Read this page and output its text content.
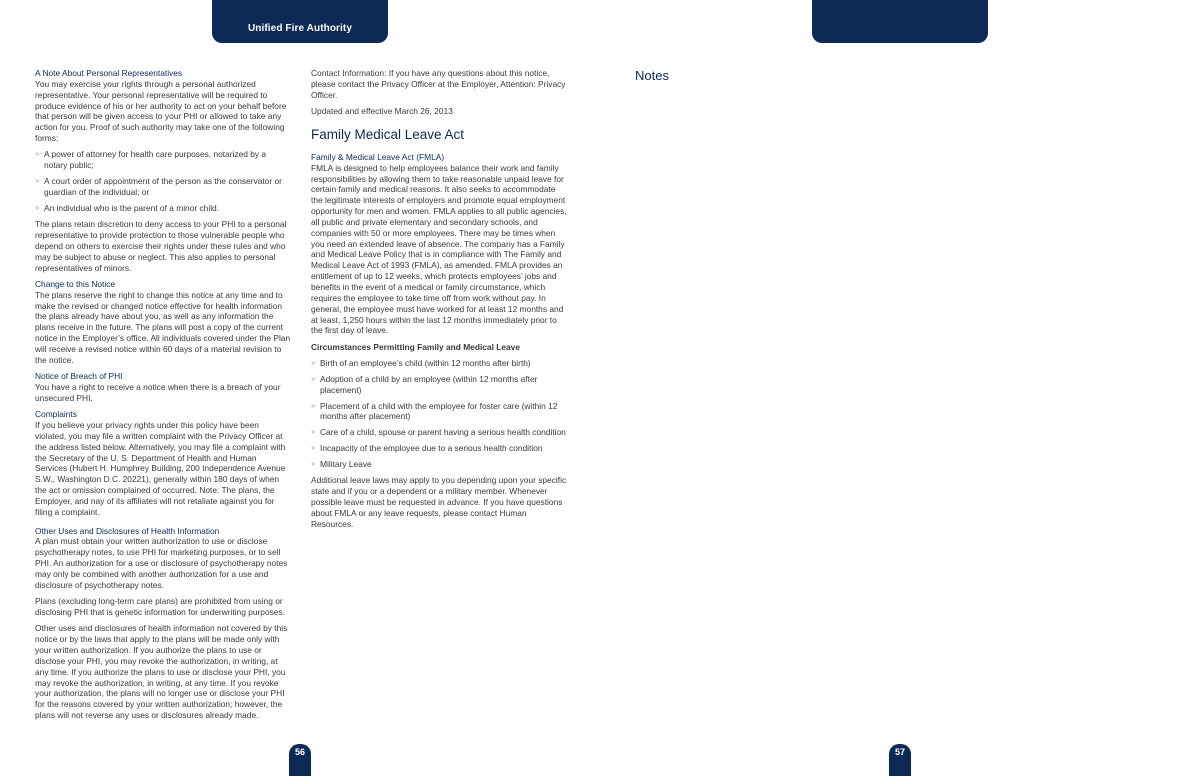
Unified Fire Authority
A Note About Personal Representatives

You may exercise your rights through a personal authorized representative. Your personal representative will be required to produce evidence of his or her authority to act on your behalf before that person will be given access to your PHI or allowed to take any action for you. Proof of such authority may take one of the following forms:

» A power of attorney for health care purposes, notarized by a notary public;
» A court order of appointment of the person as the conservator or guardian of the individual; or
» An individual who is the parent of a minor child.

The plans retain discretion to deny access to your PHI to a personal representative to provide protection to those vulnerable people who depend on others to exercise their rights under these rules and who may be subject to abuse or neglect. This also applies to personal representatives of minors.

Change to this Notice

The plans reserve the right to change this notice at any time and to make the revised or changed notice effective for health information the plans already have about you, as well as any information the plans receive in the future. The plans will post a copy of the current notice in the Employer’s office. All individuals covered under the Plan will receive a revised notice within 60 days of a material revision to the notice.

Notice of Breach of PHI

You have a right to receive a notice when there is a breach of your unsecured PHI.

Complaints

If you believe your privacy rights under this policy have been violated, you may file a written complaint with the Privacy Officer at the address listed below. Alternatively, you may file a complaint with the Secretary of the U. S. Department of Health and Human Services (Hubert H. Humphrey Building, 200 Independence Avenue S.W., Washington D.C. 20221), generally within 180 days of when the act or omission complained of occurred. Note: The plans, the Employer, and nay of its affiliates will not retaliate against you for filing a complaint.

Other Uses and Disclosures of Health Information

A plan must obtain your written authorization to use or disclose psychotherapy notes, to use PHI for marketing purposes, or to sell PHI. An authorization for a use or disclosure of psychotherapy notes may only be combined with another authorization for a use and disclosure of psychotherapy notes.

Plans (excluding long-term care plans) are prohibited from using or disclosing PHI that is genetic information for underwriting purposes.

Other uses and disclosures of health information not covered by this notice or by the laws that apply to the plans will be made only with your written authorization. If you authorize the plans to use or disclose your PHI, you may revoke the authorization, in writing, at any time. If you authorize the plans to use or disclose your PHI, you may revoke the authorization, in writing, at any time. If you revoke your authorization, the plans will no longer use or disclose your PHI for the reasons covered by your written authorization; however, the plans will not reverse any uses or disclosures already made.

Contact Information: If you have any questions about this notice, please contact the Privacy Officer at the Employer, Attention: Privacy Officer.

Updated and effective March 26, 2013

Family Medical Leave Act
Family & Medical Leave Act (FMLA)

FMLA is designed to help employees balance their work and family responsibilities by allowing them to take reasonable unpaid leave for certain family and medical reasons. It also seeks to accommodate the legitimate interests of employers and promote equal employment opportunity for men and women. FMLA applies to all public agencies, all public and private elementary and secondary schools, and companies with 50 or more employees. There may be times when you need an extended leave of absence. The company has a Family and Medical Leave Policy that is in compliance with The Family and Medical Leave Act of 1993 (FMLA), as amended. FMLA provides an entitlement of up to 12 weeks, which protects employees’ jobs and benefits in the event of a medical or family circumstance, which requires the employee to take time off from work without pay. In general, the employee must have worked for at least 12 months and at least, 1,250 hours within the last 12 months immediately prior to the first day of leave.

Circumstances Permitting Family and Medical Leave

» Birth of an employee’s child (within 12 months after birth)
» Adoption of a child by an employee (within 12 months after placement)
» Placement of a child with the employee for foster care (within 12 months after placement)
» Care of a child, spouse or parent having a serious health condition
» Incapacity of the employee due to a serious health condition
» Military Leave

Additional leave laws may apply to you depending upon your specific state and if you or a dependent or a military member. Whenever possible leave must be requested in advance. If you have questions about FMLA or any leave requests, please contact Human Resources.

Notes
56	57
